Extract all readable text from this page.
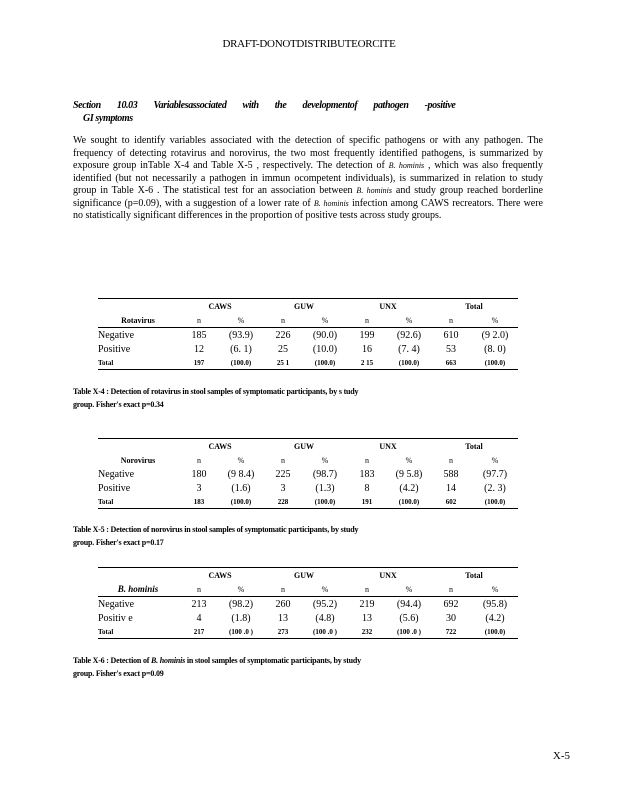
DRAFT-DONOTDISTRIBUTEORCITE
Section 10.03 Variablesassociated with the developmentof pathogen -positive
GI symptoms
We sought to identify variables associated with the detection of specific pathogens or with any pathogen. The frequency of detecting rotavirus and norovirus, the two most frequently identified pathogens, is summarized by exposure group inTable X-4 and Table X-5 , respectively. The detection of B. hominis , which was also frequently identified (but not necessarily a pathogen in immun ocompetent individuals), is summarized in relation to study group in Table X-6 . The statistical test for an association between B. hominis and study group reached borderline significance (p=0.09), with a suggestion of a lower rate of B. hominis infection among CAWS recreators. There were no statistically significant differences in the proportion of positive tests across study groups.
Rotavirus	CAWS		GUW		UNX		Total	
	n	%	n	%	n	%	n	%
Negative	185	(93.9)	226	(90.0)	199	(92.6)	610	(9 2.0)
Positive	12	(6. 1)	25	(10.0)	16	(7. 4)	53	(8. 0)
Total	197	(100.0)	25 1	(100.0)	2 15	(100.0)	663	(100.0)
Table X-4 : Detection of rotavirus in stool samples of symptomatic participants, by s tudy
group. Fisher's exact p=0.34
Norovirus	CAWS		GUW		UNX		Total	
	n	%	n	%	n	%	n	%
Negative	180	(9 8.4)	225	(98.7)	183	(9 5.8)	588	(97.7)
Positive	3	(1.6)	3	(1.3)	8	(4.2)	14	(2. 3)
Total	183	(100.0)	228	(100.0)	191	(100.0)	602	(100.0)
Table X-5 : Detection of norovirus in stool samples of symptomatic participants, by study
group. Fisher's exact p=0.17
B. hominis	CAWS		GUW		UNX		Total	
	n	%	n	%	n	%	n	%
Negative	213	(98.2)	260	(95.2)	219	(94.4)	692	(95.8)
Positiv e	4	(1.8)	13	(4.8)	13	(5.6)	30	(4.2)
Total	217	(100 .0 )	273	(100 .0 )	232	(100 .0 )	722	(100.0)
Table X-6 : Detection of B. hominis in stool samples of symptomatic participants, by study
group. Fisher's exact p=0.09
X-5
